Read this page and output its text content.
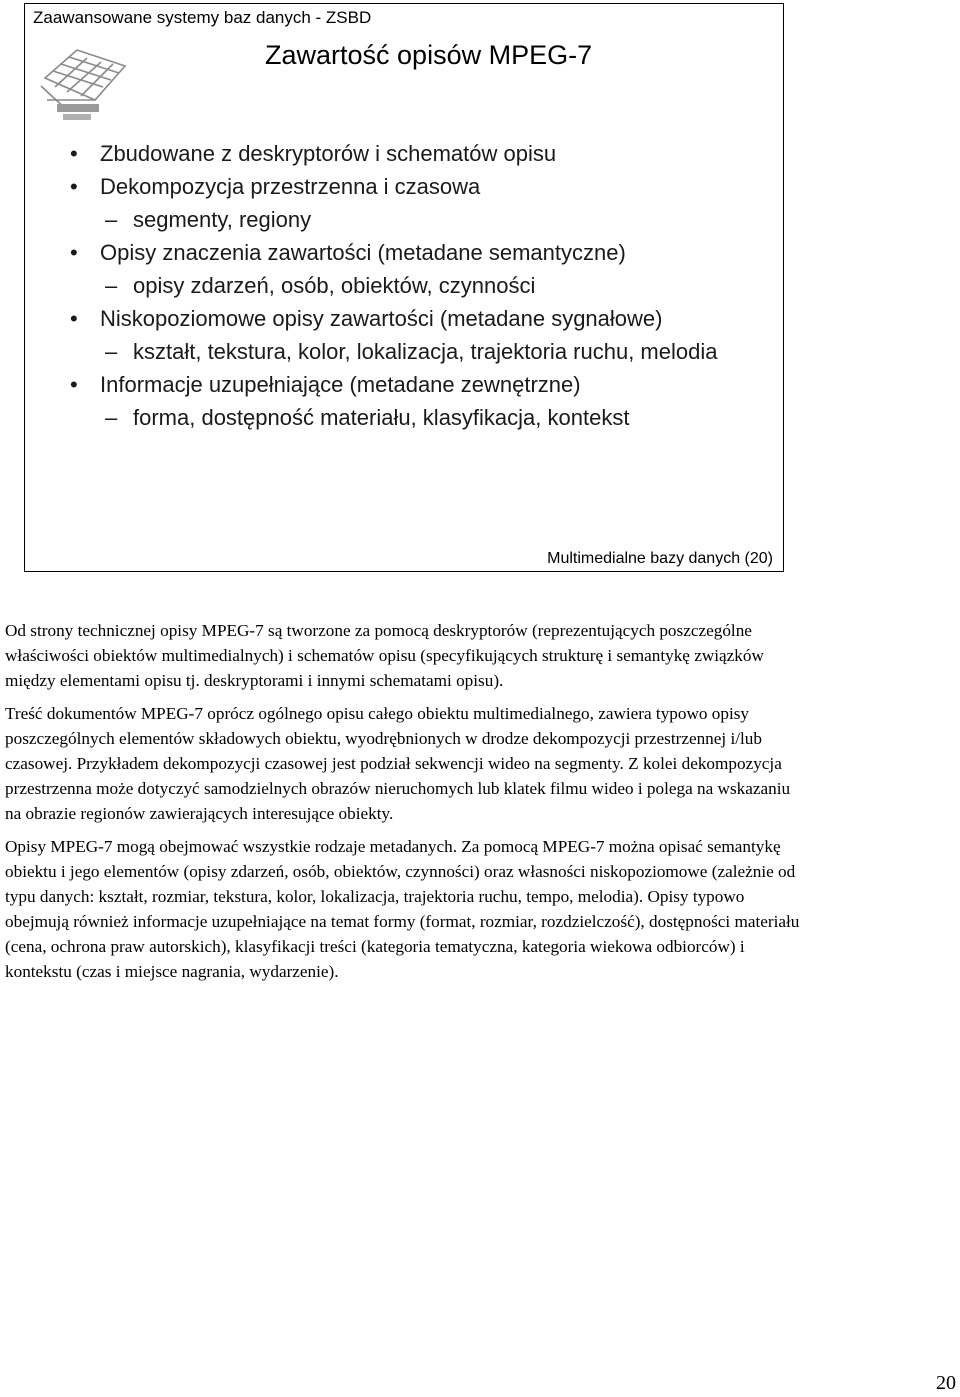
Zaawansowane systemy baz danych - ZSBD
Zawartość opisów MPEG-7
• Zbudowane z deskryptorów i schematów opisu
• Dekompozycja przestrzenna i czasowa
– segmenty, regiony
• Opisy znaczenia zawartości (metadane semantyczne)
– opisy zdarzeń, osób, obiektów, czynności
• Niskopoziomowe opisy zawartości (metadane sygnałowe)
– kształt, tekstura, kolor, lokalizacja, trajektoria ruchu, melodia
• Informacje uzupełniające (metadane zewnętrzne)
– forma, dostępność materiału, klasyfikacja, kontekst
Multimedialne bazy danych (20)

Od strony technicznej opisy MPEG-7 są tworzone za pomocą deskryptorów (reprezentujących poszczególne właściwości obiektów multimedialnych) i schematów opisu (specyfikujących strukturę i semantykę związków między elementami opisu tj. deskryptorami i innymi schematami opisu).

Treść dokumentów MPEG-7 oprócz ogólnego opisu całego obiektu multimedialnego, zawiera typowo opisy poszczególnych elementów składowych obiektu, wyodrębnionych w drodze dekompozycji przestrzennej i/lub czasowej. Przykładem dekompozycji czasowej jest podział sekwencji wideo na segmenty. Z kolei dekompozycja przestrzenna może dotyczyć samodzielnych obrazów nieruchomych lub klatek filmu wideo i polega na wskazaniu na obrazie regionów zawierających interesujące obiekty.

Opisy MPEG-7 mogą obejmować wszystkie rodzaje metadanych. Za pomocą MPEG-7 można opisać semantykę obiektu i jego elementów (opisy zdarzeń, osób, obiektów, czynności) oraz własności niskopoziomowe (zależnie od typu danych: kształt, rozmiar, tekstura, kolor, lokalizacja, trajektoria ruchu, tempo, melodia). Opisy typowo obejmują również informacje uzupełniające na temat formy (format, rozmiar, rozdzielczość), dostępności materiału (cena, ochrona praw autorskich), klasyfikacji treści (kategoria tematyczna, kategoria wiekowa odbiorców) i kontekstu (czas i miejsce nagrania, wydarzenie).

20
